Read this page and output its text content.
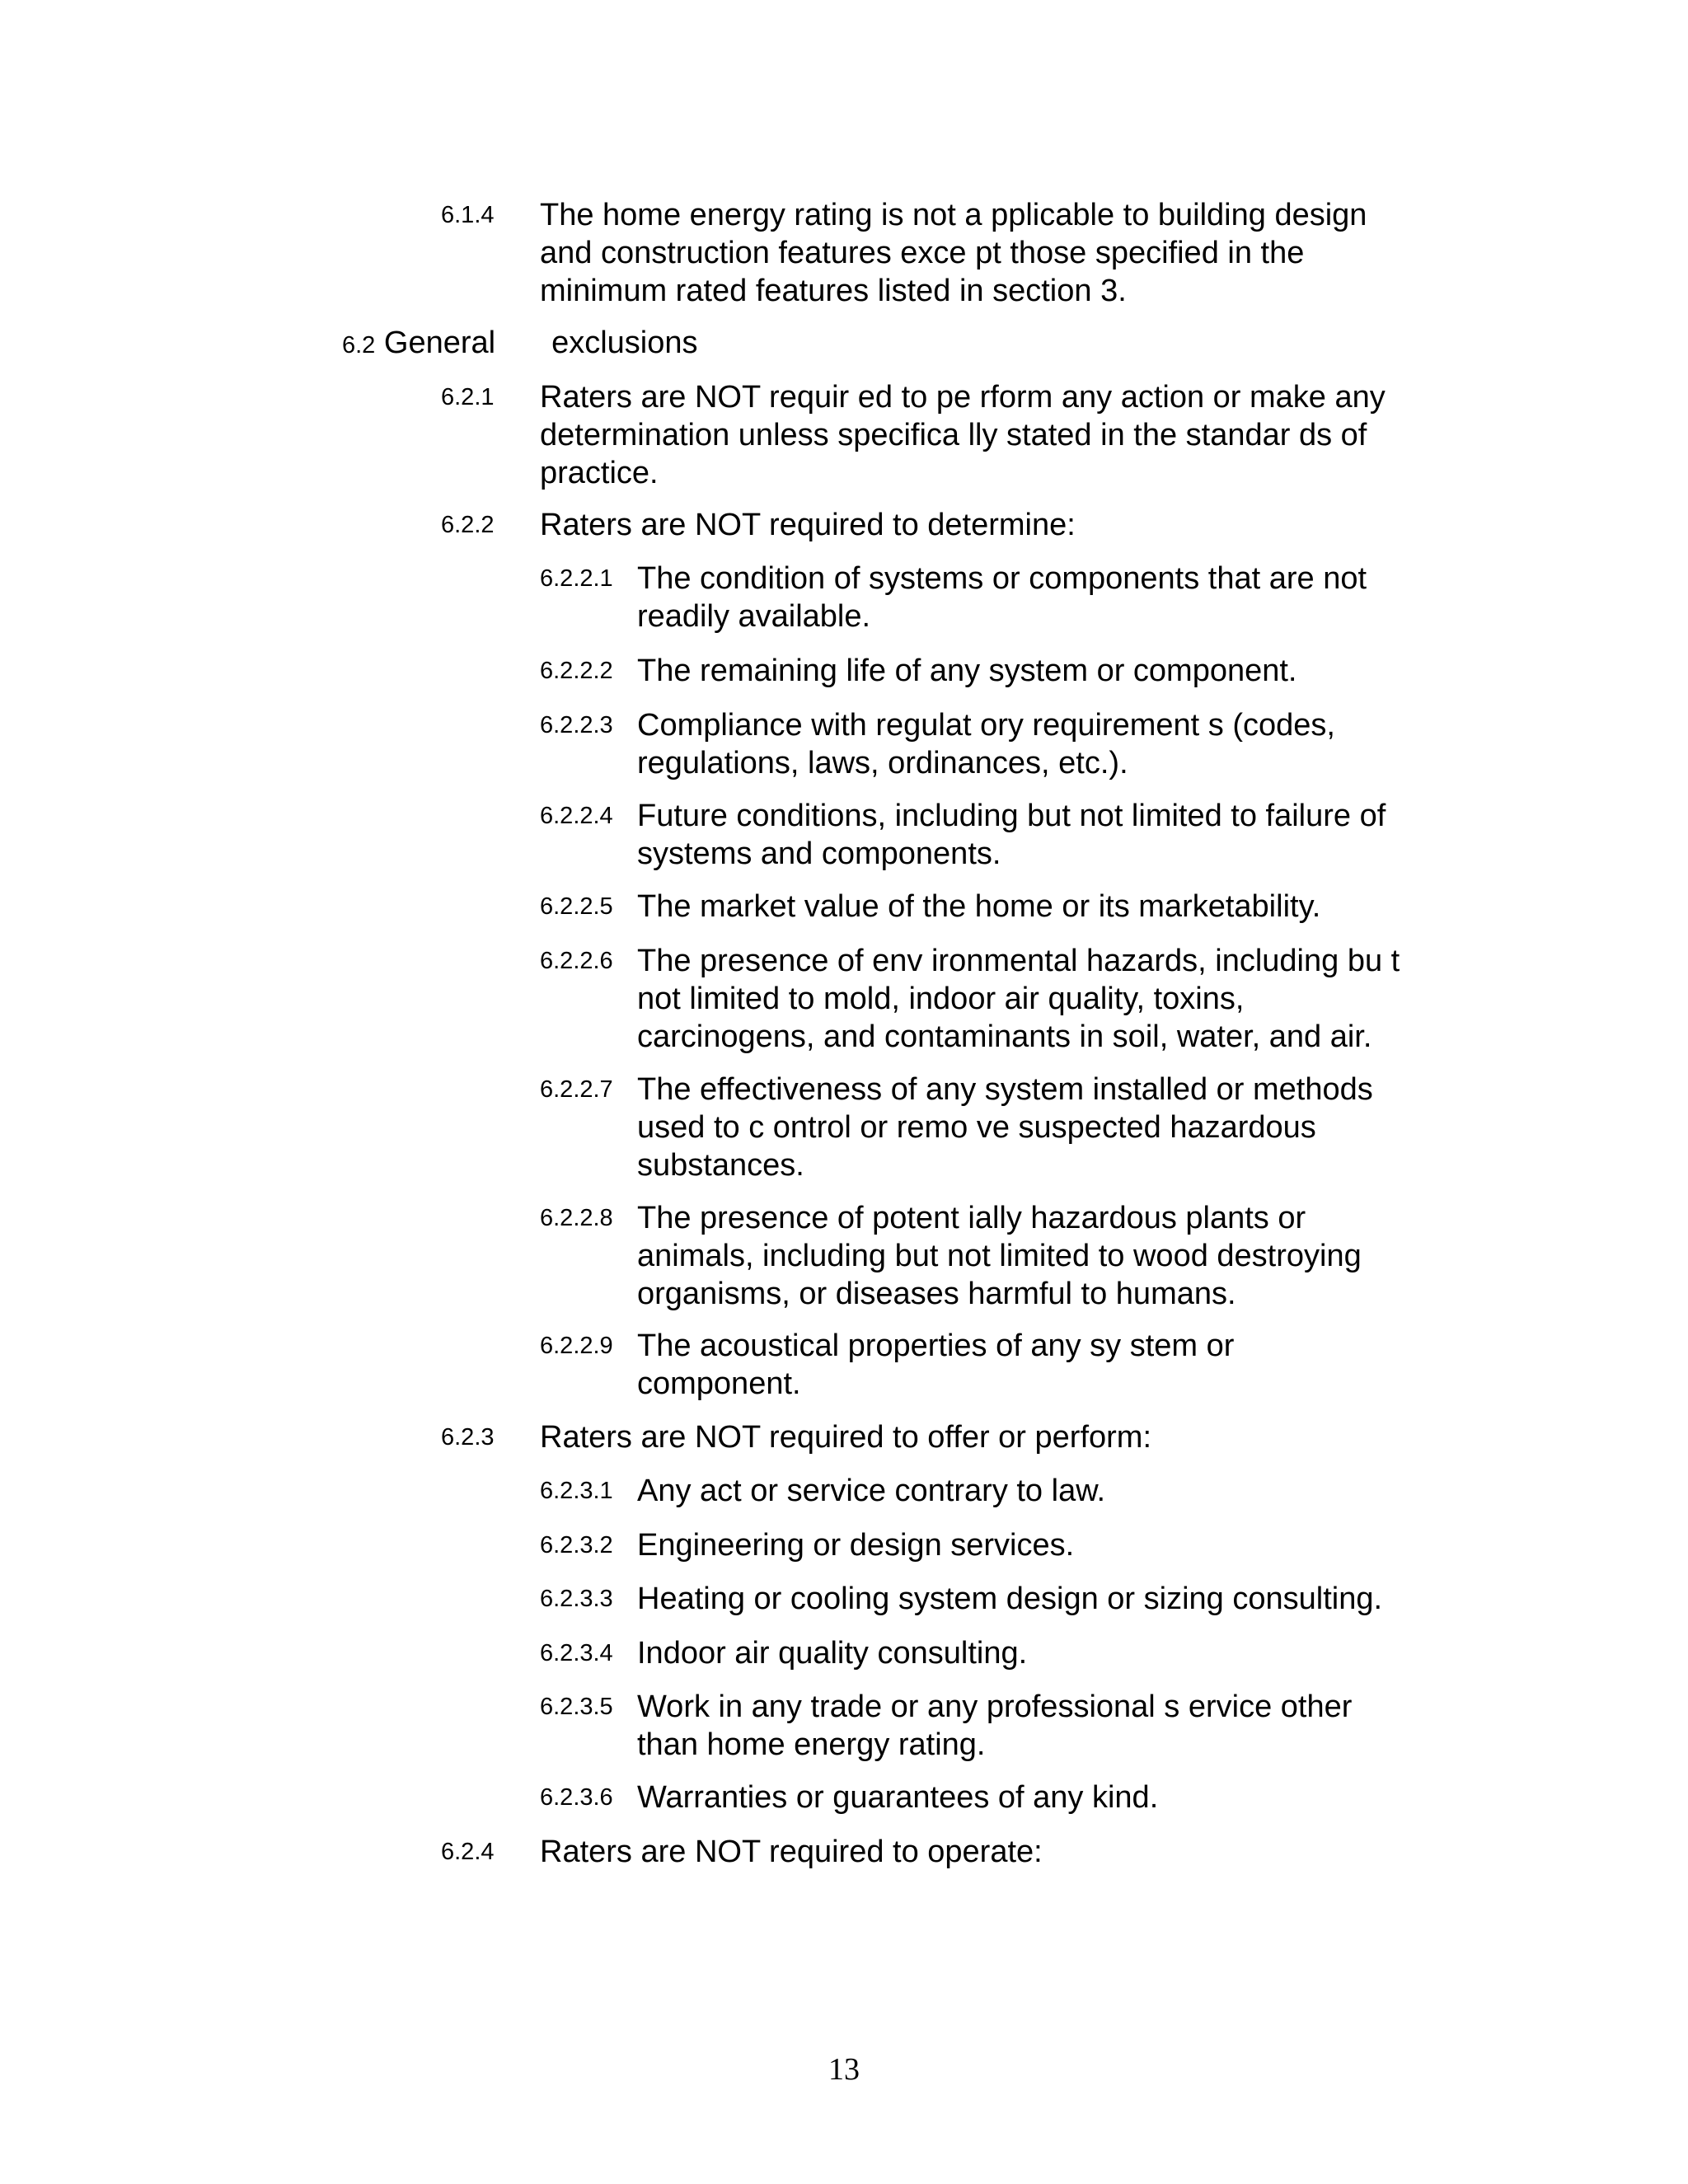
6.1.4 The home energy rating is not a pplicable to building design
and construction features exce pt those specified in the
minimum rated features listed in section 3.
6.2 General exclusions
6.2.1 Raters are NOT requir ed to pe rform any action or make any
determination unless specifica lly stated in the standar ds of
practice.
6.2.2 Raters are NOT required to determine:
6.2.2.1 The condition of systems or components that are not
readily available.
6.2.2.2 The remaining life of any system or component.
6.2.2.3 Compliance with regulat ory requirement s (codes,
regulations, laws, ordinances, etc.).
6.2.2.4 Future conditions, including but not limited to failure of
systems and components.
6.2.2.5 The market value of the home or its marketability.
6.2.2.6 The presence of env ironmental hazards, including bu t
not limited to mold, indoor air quality, toxins,
carcinogens, and contaminants in soil, water, and air.
6.2.2.7 The effectiveness of any system installed or methods
used to c ontrol or remo ve suspected hazardous
substances.
6.2.2.8 The presence of potent ially hazardous plants or
animals, including but not limited to wood destroying
organisms, or diseases harmful to humans.
6.2.2.9 The acoustical properties of any sy stem or
component.
6.2.3 Raters are NOT required to offer or perform:
6.2.3.1 Any act or service contrary to law.
6.2.3.2 Engineering or design services.
6.2.3.3 Heating or cooling system design or sizing consulting.
6.2.3.4 Indoor air quality consulting.
6.2.3.5 Work in any trade or any professional s ervice other
than home energy rating.
6.2.3.6 Warranties or guarantees of any kind.
6.2.4 Raters are NOT required to operate:
13
